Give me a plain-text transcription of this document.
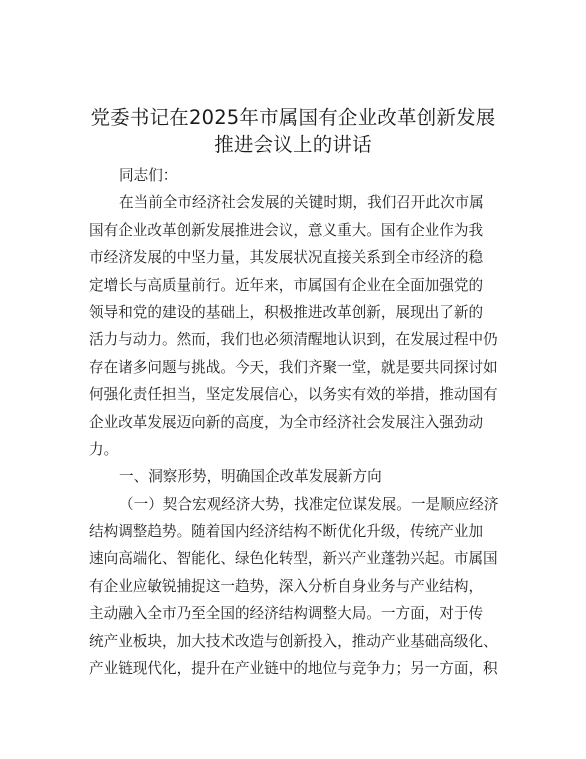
党委书记在2025年市属国有企业改革创新发展
推进会议上的讲话
同志们：
在当前全市经济社会发展的关键时期，我们召开此次市属
国有企业改革创新发展推进会议，意义重大。国有企业作为我
市经济发展的中坚力量，其发展状况直接关系到全市经济的稳
定增长与高质量前行。近年来，市属国有企业在全面加强党的
领导和党的建设的基础上，积极推进改革创新，展现出了新的
活力与动力。然而，我们也必须清醒地认识到，在发展过程中仍
存在诸多问题与挑战。今天，我们齐聚一堂，就是要共同探讨如
何强化责任担当，坚定发展信心，以务实有效的举措，推动国有
企业改革发展迈向新的高度，为全市经济社会发展注入强劲动
力。
一、洞察形势，明确国企改革发展新方向
（一）契合宏观经济大势，找准定位谋发展。一是顺应经济
结构调整趋势。随着国内经济结构不断优化升级，传统产业加
速向高端化、智能化、绿色化转型，新兴产业蓬勃兴起。市属国
有企业应敏锐捕捉这一趋势，深入分析自身业务与产业结构，
主动融入全市乃至全国的经济结构调整大局。一方面，对于传
统产业板块，加大技术改造与创新投入，推动产业基础高级化、
产业链现代化，提升在产业链中的地位与竞争力；另一方面，积
